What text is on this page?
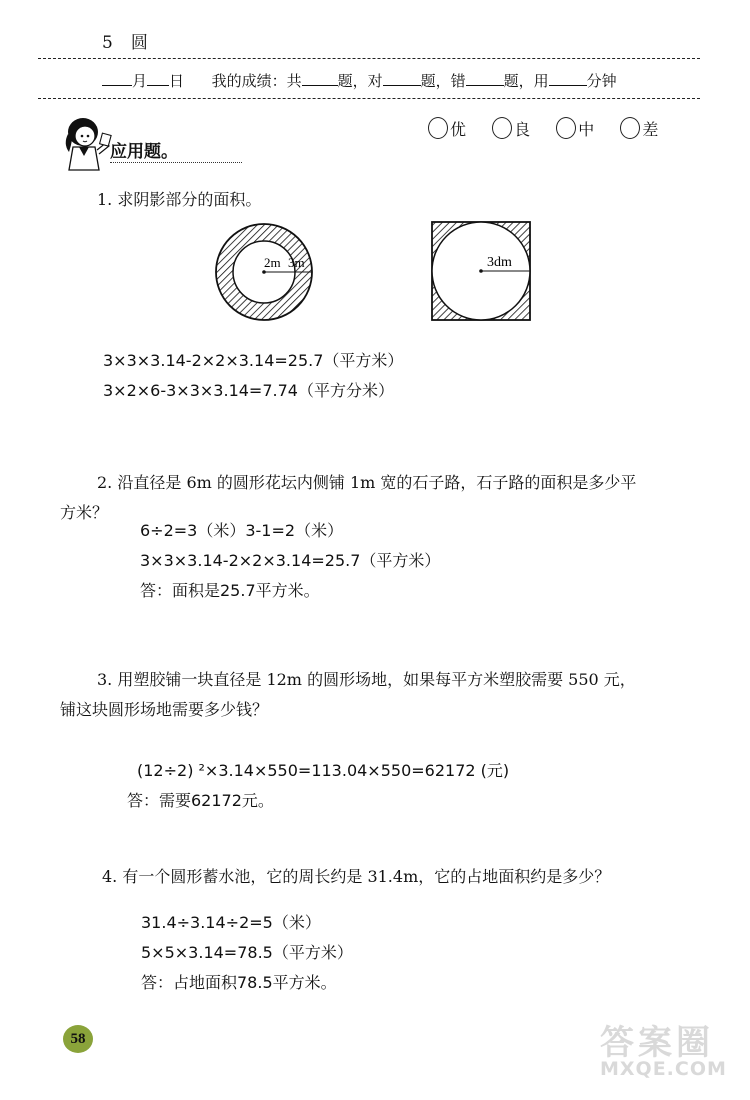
5 圆
月 日 我的成绩：共 题，对	题，错	题，用	分钟
优	良	中	差
应用题。
1. 求阴影部分的面积。
2m 3m	3dm
3×3×3.14-2×2×3.14=25.7（平方米）
3×2×6-3×3×3.14=7.74（平方分米）
2. 沿直径是 6m 的圆形花坛内侧铺 1m 宽的石子路，石子路的面积是多少平
方米？
6÷2=3（米）3-1=2（米）
3×3×3.14-2×2×3.14=25.7（平方米）
答：面积是25.7平方米。
3. 用塑胶铺一块直径是 12m 的圆形场地，如果每平方米塑胶需要 550 元，
铺这块圆形场地需要多少钱？
(12÷2) ²×3.14×550=113.04×550=62172 (元)
答：需要62172元。
4. 有一个圆形蓄水池，它的周长约是 31.4m，它的占地面积约是多少？
31.4÷3.14÷2=5（米）
5×5×3.14=78.5（平方米）
答：占地面积78.5平方米。
58	答案圈
MXQE.COM
